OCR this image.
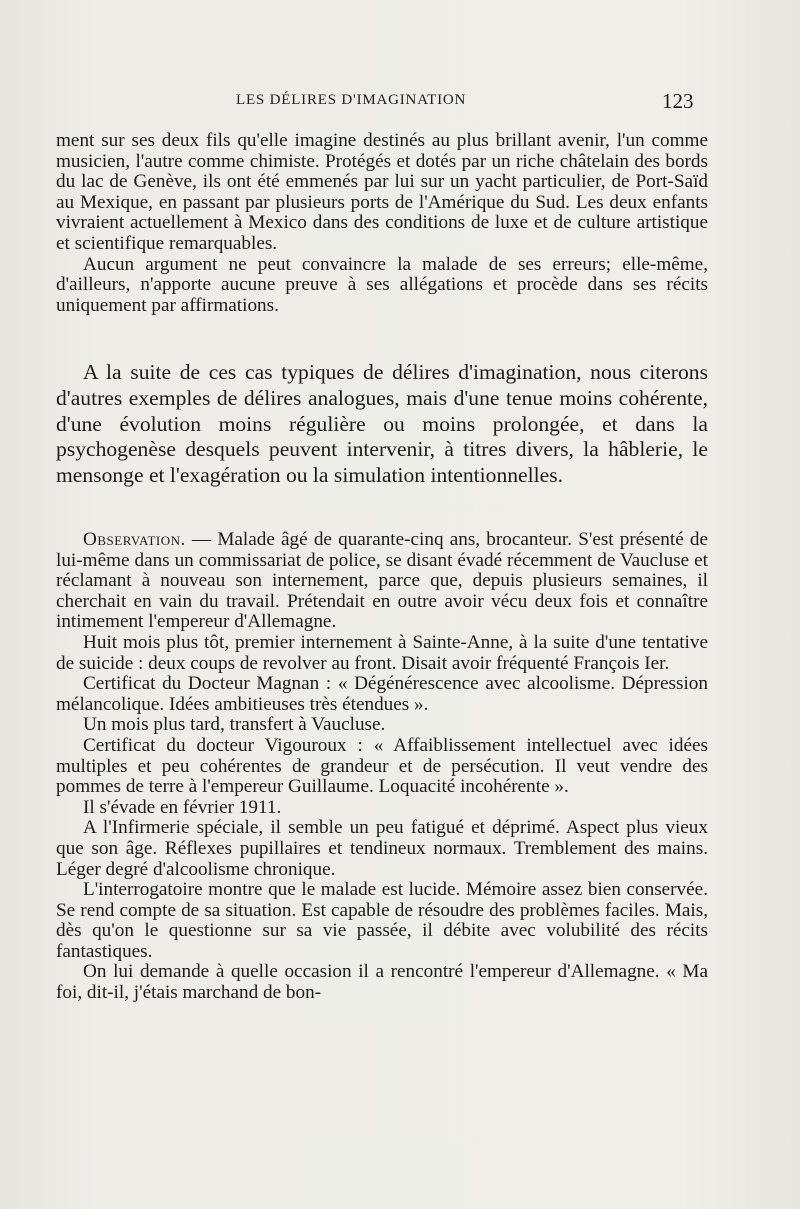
LES DÉLIRES D'IMAGINATION	123

ment sur ses deux fils qu'elle imagine destinés au plus brillant avenir, l'un comme musicien, l'autre comme chimiste. Protégés et dotés par un riche châtelain des bords du lac de Genève, ils ont été emmenés par lui sur un yacht particulier, de Port-Saïd au Mexique, en passant par plusieurs ports de l'Amérique du Sud. Les deux enfants vivraient actuellement à Mexico dans des conditions de luxe et de culture artistique et scientifique remarquables.

Aucun argument ne peut convaincre la malade de ses erreurs; elle-même, d'ailleurs, n'apporte aucune preuve à ses allégations et procède dans ses récits uniquement par affirmations.

A la suite de ces cas typiques de délires d'imagination, nous citerons d'autres exemples de délires analogues, mais d'une tenue moins cohérente, d'une évolution moins régulière ou moins prolongée, et dans la psychogenèse desquels peuvent intervenir, à titres divers, la hâblerie, le mensonge et l'exagération ou la simulation intentionnelles.

Observation. — Malade âgé de quarante-cinq ans, brocanteur. S'est présenté de lui-même dans un commissariat de police, se disant évadé récemment de Vaucluse et réclamant à nouveau son internement, parce que, depuis plusieurs semaines, il cherchait en vain du travail. Prétendait en outre avoir vécu deux fois et connaître intimement l'empereur d'Allemagne.

Huit mois plus tôt, premier internement à Sainte-Anne, à la suite d'une tentative de suicide : deux coups de revolver au front. Disait avoir fréquenté François Ier.

Certificat du Docteur Magnan : « Dégénérescence avec alcoolisme. Dépression mélancolique. Idées ambitieuses très étendues ».

Un mois plus tard, transfert à Vaucluse.

Certificat du docteur Vigouroux : « Affaiblissement intellectuel avec idées multiples et peu cohérentes de grandeur et de persécution. Il veut vendre des pommes de terre à l'empereur Guillaume. Loquacité incohérente ».

Il s'évade en février 1911.

A l'Infirmerie spéciale, il semble un peu fatigué et déprimé. Aspect plus vieux que son âge. Réflexes pupillaires et tendineux normaux. Tremblement des mains. Léger degré d'alcoolisme chronique.

L'interrogatoire montre que le malade est lucide. Mémoire assez bien conservée. Se rend compte de sa situation. Est capable de résoudre des problèmes faciles. Mais, dès qu'on le questionne sur sa vie passée, il débite avec volubilité des récits fantastiques.

On lui demande à quelle occasion il a rencontré l'empereur d'Allemagne. « Ma foi, dit-il, j'étais marchand de bon-
